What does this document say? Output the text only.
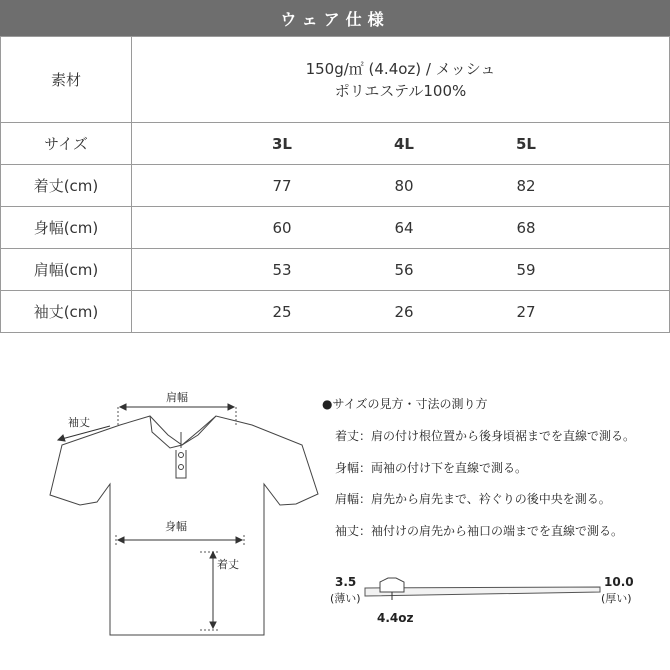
ウェア仕様
素材	150g/㎡ (4.4oz) / メッシュ
ポリエステル100%

サイズ	3L 4L 5L

着丈(cm)	77 80 82

身幅(cm)	60 64 68

肩幅(cm)	53 56 59

袖丈(cm)	25 26 27
肩幅
袖丈
身幅
着丈
●サイズの見方・寸法の測り方
着丈：肩の付け根位置から後身頃裾までを直線で測る。
身幅：両袖の付け下を直線で測る。
肩幅：肩先から肩先まで、衿ぐりの後中央を測る。
袖丈：袖付けの肩先から袖口の端までを直線で測る。
3.5
(薄い)
10.0
(厚い)
4.4oz
